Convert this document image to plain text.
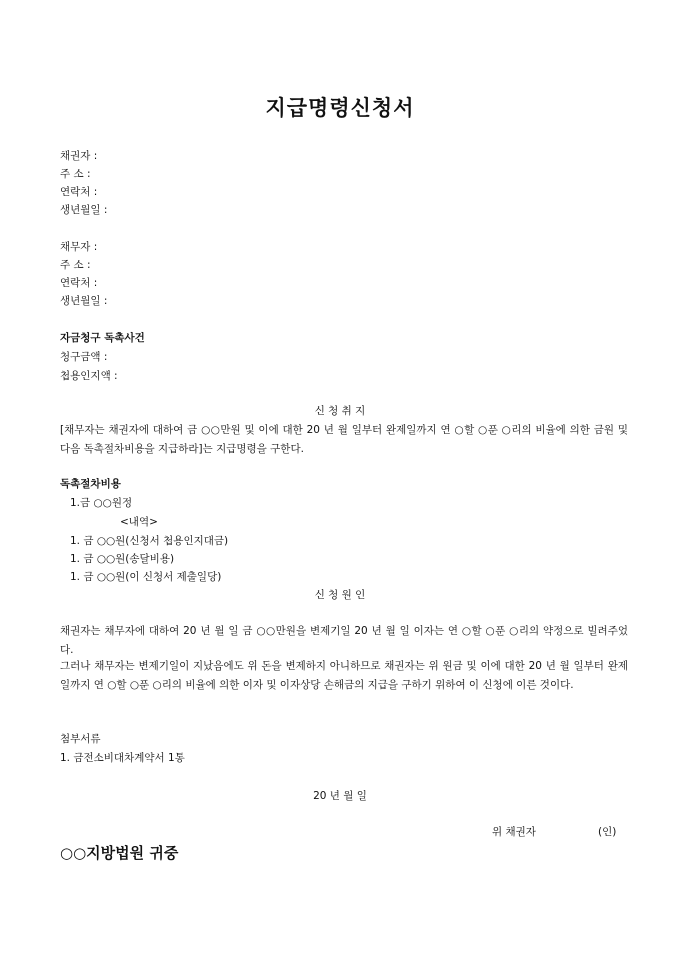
지급명령신청서
채권자 :
주 소 :
연락처 :
생년월일 :
채무자 :
주 소 :
연락처 :
생년월일 :
자금청구 독촉사건
청구금액 :
첩용인지액 :
신 청 취 지
[채무자는 채권자에 대하여 금 ○○만원 및 이에 대한 20 년 월 일부터 완제일까지 연 ○할 ○푼 ○리의 비율에 의한 금원 및 다음 독촉절차비용을 지급하라]는 지급명령을 구한다.
독촉절차비용
1.금 ○○원정
<내역>
1. 금 ○○원(신청서 첩용인지대금)
1. 금 ○○원(송달비용)
1. 금 ○○원(이 신청서 제출일당)
신 청 원 인
채권자는 채무자에 대하여 20 년 월 일 금 ○○만원을 변제기일 20 년 월 일 이자는 연 ○할 ○푼 ○리의 약정으로 빌려주었다.
그러나 채무자는 변제기일이 지났음에도 위 돈을 변제하지 아니하므로 채권자는 위 원금 및 이에 대한 20 년 월 일부터 완제일까지 연 ○할 ○푼 ○리의 비율에 의한 이자 및 이자상당 손해금의 지급을 구하기 위하여 이 신청에 이른 것이다.
첨부서류
1. 금전소비대차계약서 1통
20 년 월 일
위 채권자	(인)
○○지방법원 귀중
